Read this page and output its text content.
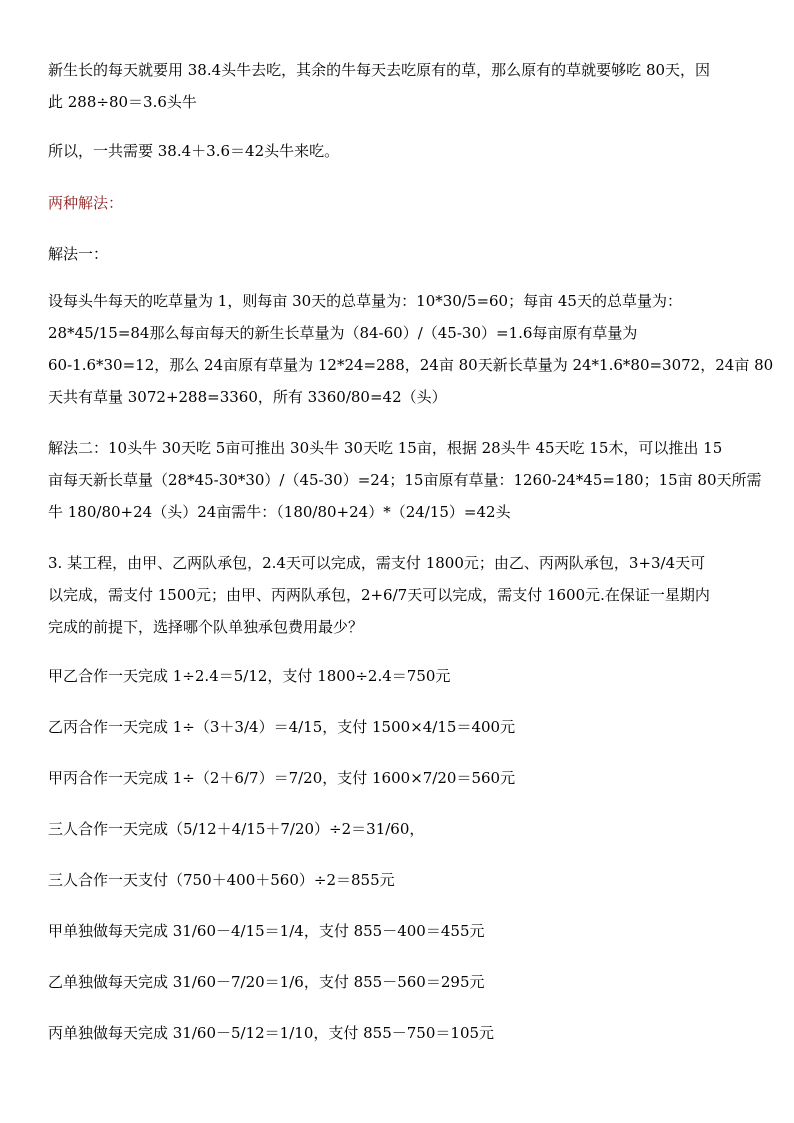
新生长的每天就要用 38.4头牛去吃，其余的牛每天去吃原有的草，那么原有的草就要够吃 80天，因
此 288÷80＝3.6头牛

所以，一共需要 38.4＋3.6＝42头牛来吃。

两种解法：

解法一：

设每头牛每天的吃草量为 1，则每亩 30天的总草量为：10*30/5=60；每亩 45天的总草量为：
28*45/15=84那么每亩每天的新生长草量为（84-60）/（45-30）=1.6每亩原有草量为
60-1.6*30=12，那么 24亩原有草量为 12*24=288，24亩 80天新长草量为 24*1.6*80=3072，24亩 80
天共有草量 3072+288=3360，所有 3360/80=42（头）

解法二：10头牛 30天吃 5亩可推出 30头牛 30天吃 15亩，根据 28头牛 45天吃 15木，可以推出 15
亩每天新长草量（28*45-30*30）/（45-30）=24；15亩原有草量：1260-24*45=180；15亩 80天所需
牛 180/80+24（头）24亩需牛：（180/80+24）*（24/15）=42头

3. 某工程，由甲、乙两队承包，2.4天可以完成，需支付 1800元；由乙、丙两队承包，3+3/4天可
以完成，需支付 1500元；由甲、丙两队承包，2+6/7天可以完成，需支付 1600元.在保证一星期内
完成的前提下，选择哪个队单独承包费用最少？

甲乙合作一天完成 1÷2.4＝5/12，支付 1800÷2.4＝750元

乙丙合作一天完成 1÷（3＋3/4）＝4/15，支付 1500×4/15＝400元

甲丙合作一天完成 1÷（2＋6/7）＝7/20，支付 1600×7/20＝560元

三人合作一天完成（5/12＋4/15＋7/20）÷2＝31/60，

三人合作一天支付（750＋400＋560）÷2＝855元

甲单独做每天完成 31/60－4/15＝1/4，支付 855－400＝455元

乙单独做每天完成 31/60－7/20＝1/6，支付 855－560＝295元

丙单独做每天完成 31/60－5/12＝1/10，支付 855－750＝105元
